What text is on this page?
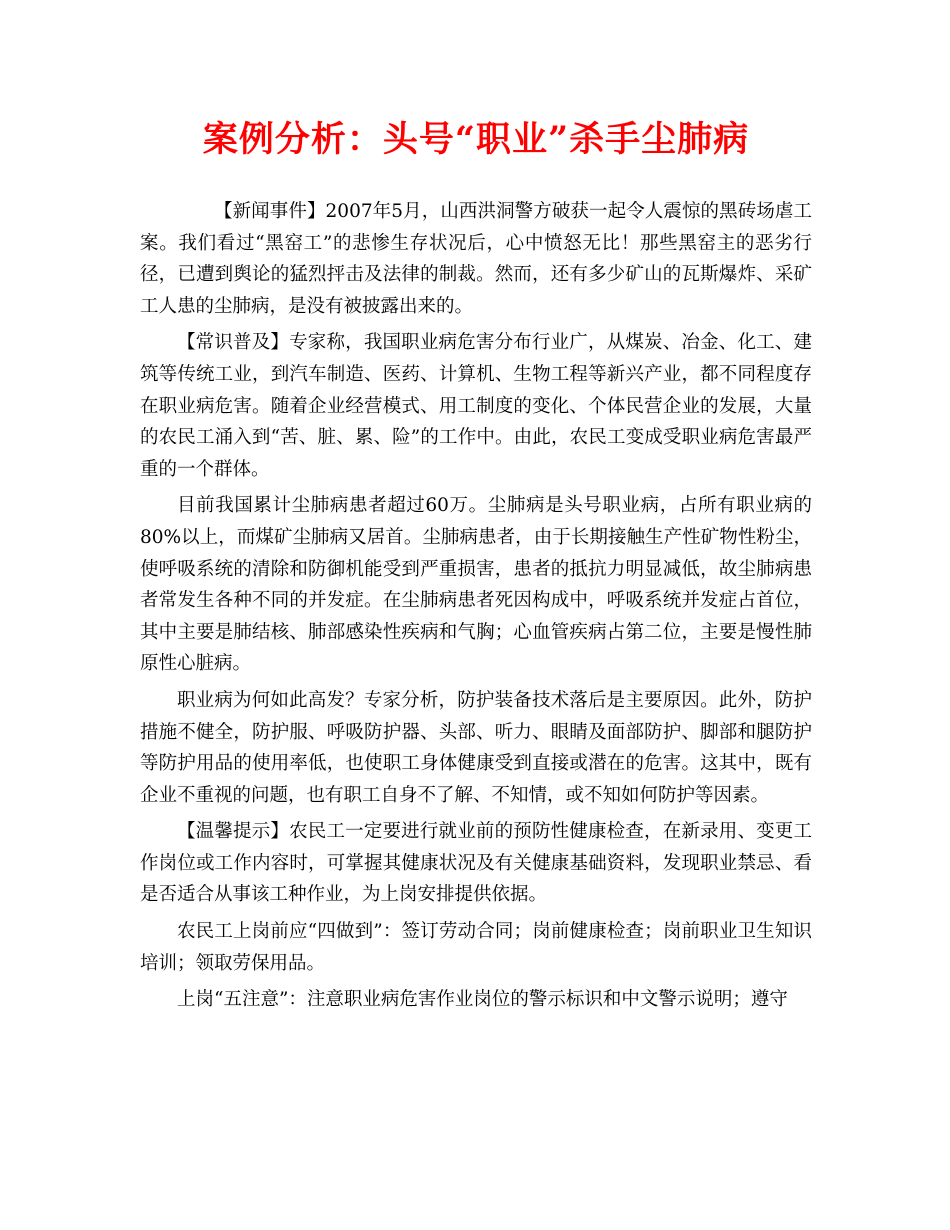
案例分析：头号“职业”杀手尘肺病

【新闻事件】2007年5月，山西洪洞警方破获一起令人震惊的黑砖场虐工案。我们看过“黑窑工”的悲惨生存状况后，心中愤怒无比！那些黑窑主的恶劣行径，已遭到舆论的猛烈抨击及法律的制裁。然而，还有多少矿山的瓦斯爆炸、采矿工人患的尘肺病，是没有被披露出来的。

【常识普及】专家称，我国职业病危害分布行业广，从煤炭、冶金、化工、建筑等传统工业，到汽车制造、医药、计算机、生物工程等新兴产业，都不同程度存在职业病危害。随着企业经营模式、用工制度的变化、个体民营企业的发展，大量的农民工涌入到“苦、脏、累、险”的工作中。由此，农民工变成受职业病危害最严重的一个群体。

目前我国累计尘肺病患者超过60万。尘肺病是头号职业病，占所有职业病的80%以上，而煤矿尘肺病又居首。尘肺病患者，由于长期接触生产性矿物性粉尘，使呼吸系统的清除和防御机能受到严重损害，患者的抵抗力明显减低，故尘肺病患者常发生各种不同的并发症。在尘肺病患者死因构成中，呼吸系统并发症占首位，其中主要是肺结核、肺部感染性疾病和气胸；心血管疾病占第二位，主要是慢性肺原性心脏病。

职业病为何如此高发？专家分析，防护装备技术落后是主要原因。此外，防护措施不健全，防护服、呼吸防护器、头部、听力、眼睛及面部防护、脚部和腿防护等防护用品的使用率低，也使职工身体健康受到直接或潜在的危害。这其中，既有企业不重视的问题，也有职工自身不了解、不知情，或不知如何防护等因素。

【温馨提示】农民工一定要进行就业前的预防性健康检查，在新录用、变更工作岗位或工作内容时，可掌握其健康状况及有关健康基础资料，发现职业禁忌、看是否适合从事该工种作业，为上岗安排提供依据。

农民工上岗前应“四做到”：签订劳动合同；岗前健康检查；岗前职业卫生知识培训；领取劳保用品。

上岗“五注意”：注意职业病危害作业岗位的警示标识和中文警示说明；遵守
